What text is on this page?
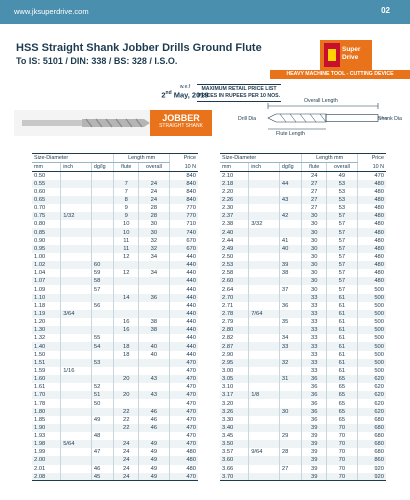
www.jksuperdrive.com	02
HSS Straight Shank Jobber Drills Ground Flute
To IS: 5101 / DIN: 338 / BS: 328 / I.S.O.
Super
Drive
HEAVY MACHINE TOOL - CUTTING DEVICE
w.e.f
2nd May, 2019
MAXIMUM RETAIL PRICE LIST
PRICES IN RUPEES PER 10 NOS.
JOBBER
STRAIGHT SHANK
Overall Length
Drill Dia	Shank Dia
Flute Length
Size-Diameter			Length mm		Price
mm	inch	dg/lg	flute	overall	10 N
0.50					840
0.55			7	24	840
0.60			7	24	840
0.65			8	24	840
0.70			9	28	770
0.75	1/32		9	28	770
0.80			10	30	710
0.85			10	30	740
0.90			11	32	670
0.95			11	32	670
1.00			12	34	440
1.02		60			440
1.04		59	12	34	440
1.07		58			440
1.09		57			440
1.10			14	36	440
1.18		56			440
1.19	3/64				440
1.20			16	38	440
1.30			16	38	440
1.32		55			440
1.40		54	18	40	440
1.50			18	40	440
1.51		53			470
1.59	1/16				470
1.60			20	43	470
1.61		52			470
1.70		51	20	43	470
1.78		50			470
1.80			22	46	470
1.85		49	22	46	470
1.90			22	46	470
1.93		48			470
1.98	5/64		24	49	470
1.99		47	24	49	480
2.00			24	49	480
2.01		46	24	49	480
2.08		45	24	49	470
Size-Diameter			Length mm		Price
mm	inch	dg/lg	flute	overall	10 N
2.10			24	49	470
2.18		44	27	53	480
2.20			27	53	480
2.26		43	27	53	480
2.30			27	53	480
2.37		42	30	57	480
2.38	3/32		30	57	480
2.40			30	57	480
2.44		41	30	57	480
2.49		40	30	57	480
2.50			30	57	480
2.53		39	30	57	480
2.58		38	30	57	480
2.60			30	57	480
2.64		37	30	57	500
2.70			33	61	500
2.71		36	33	61	500
2.78	7/64		33	61	500
2.79		35	33	61	500
2.80			33	61	500
2.82		34	33	61	500
2.87		33	33	61	500
2.90			33	61	500
2.95		32	33	61	500
3.00			33	61	500
3.05		31	36	65	620
3.10			36	65	620
3.17	1/8		36	65	620
3.20			36	65	620
3.26		30	36	65	620
3.30			36	65	680
3.40			39	70	680
3.45		29	39	70	680
3.50			39	70	680
3.57	9/64	28	39	70	680
3.60			39	70	860
3.66		27	39	70	920
3.70			39	70	920
